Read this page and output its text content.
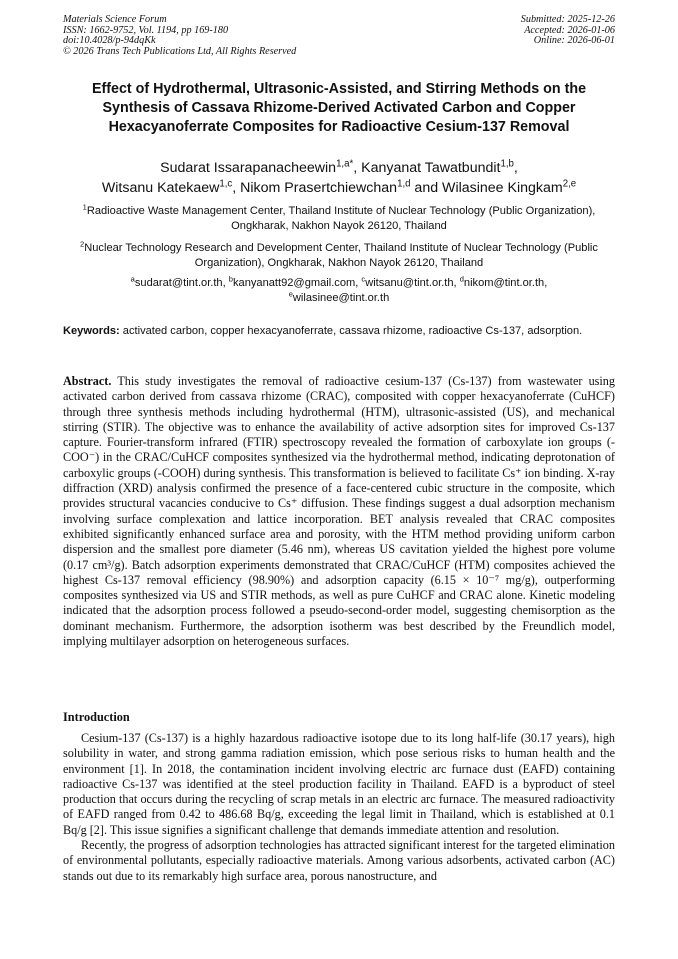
Materials Science Forum
ISSN: 1662-9752, Vol. 1194, pp 169-180
doi:10.4028/p-94dqKk
© 2026 Trans Tech Publications Ltd, All Rights Reserved
Submitted: 2025-12-26
Accepted: 2026-01-06
Online: 2026-06-01
Effect of Hydrothermal, Ultrasonic-Assisted, and Stirring Methods on the Synthesis of Cassava Rhizome-Derived Activated Carbon and Copper Hexacyanoferrate Composites for Radioactive Cesium-137 Removal
Sudarat Issarapanacheewin$^{1,a*}$, Kanyanat Tawatbundit$^{1,b}$,
Witsanu Katekaew$^{1,c}$, Nikom Prasertchiewchan$^{1,d}$ and Wilasinee Kingkam$^{2,e}$
$^1$Radioactive Waste Management Center, Thailand Institute of Nuclear Technology (Public Organization), Ongkharak, Nakhon Nayok 26120, Thailand
$^2$Nuclear Technology Research and Development Center, Thailand Institute of Nuclear Technology (Public Organization), Ongkharak, Nakhon Nayok 26120, Thailand
$^a$sudarat@tint.or.th, $^b$kanyanatt92@gmail.com, $^c$witsanu@tint.or.th, $^d$nikom@tint.or.th,
$^e$wilasinee@tint.or.th
Keywords: activated carbon, copper hexacyanoferrate, cassava rhizome, radioactive Cs-137, adsorption.

Abstract. This study investigates the removal of radioactive cesium-137 (Cs-137) from wastewater using activated carbon derived from cassava rhizome (CRAC), composited with copper hexacyanoferrate (CuHCF) through three synthesis methods including hydrothermal (HTM), ultrasonic-assisted (US), and mechanical stirring (STIR). The objective was to enhance the availability of active adsorption sites for improved Cs-137 capture. Fourier-transform infrared (FTIR) spectroscopy revealed the formation of carboxylate ion groups (-COO⁻) in the CRAC/CuHCF composites synthesized via the hydrothermal method, indicating deprotonation of carboxylic groups (-COOH) during synthesis. This transformation is believed to facilitate Cs⁺ ion binding. X-ray diffraction (XRD) analysis confirmed the presence of a face-centered cubic structure in the composite, which provides structural vacancies conducive to Cs⁺ diffusion. These findings suggest a dual adsorption mechanism involving surface complexation and lattice incorporation. BET analysis revealed that CRAC composites exhibited significantly enhanced surface area and porosity, with the HTM method providing uniform carbon dispersion and the smallest pore diameter (5.46 nm), whereas US cavitation yielded the highest pore volume (0.17 cm³/g). Batch adsorption experiments demonstrated that CRAC/CuHCF (HTM) composites achieved the highest Cs-137 removal efficiency (98.90%) and adsorption capacity (6.15 × 10⁻⁷ mg/g), outperforming composites synthesized via US and STIR methods, as well as pure CuHCF and CRAC alone. Kinetic modeling indicated that the adsorption process followed a pseudo-second-order model, suggesting chemisorption as the dominant mechanism. Furthermore, the adsorption isotherm was best described by the Freundlich model, implying multilayer adsorption on heterogeneous surfaces.

Introduction

Cesium-137 (Cs-137) is a highly hazardous radioactive isotope due to its long half-life (30.17 years), high solubility in water, and strong gamma radiation emission, which pose serious risks to human health and the environment [1]. In 2018, the contamination incident involving electric arc furnace dust (EAFD) containing radioactive Cs-137 was identified at the steel production facility in Thailand. EAFD is a byproduct of steel production that occurs during the recycling of scrap metals in an electric arc furnace. The measured radioactivity of EAFD ranged from 0.42 to 486.68 Bq/g, exceeding the legal limit in Thailand, which is established at 0.1 Bq/g [2]. This issue signifies a significant challenge that demands immediate attention and resolution.

Recently, the progress of adsorption technologies has attracted significant interest for the targeted elimination of environmental pollutants, especially radioactive materials. Among various adsorbents, activated carbon (AC) stands out due to its remarkably high surface area, porous nanostructure, and
